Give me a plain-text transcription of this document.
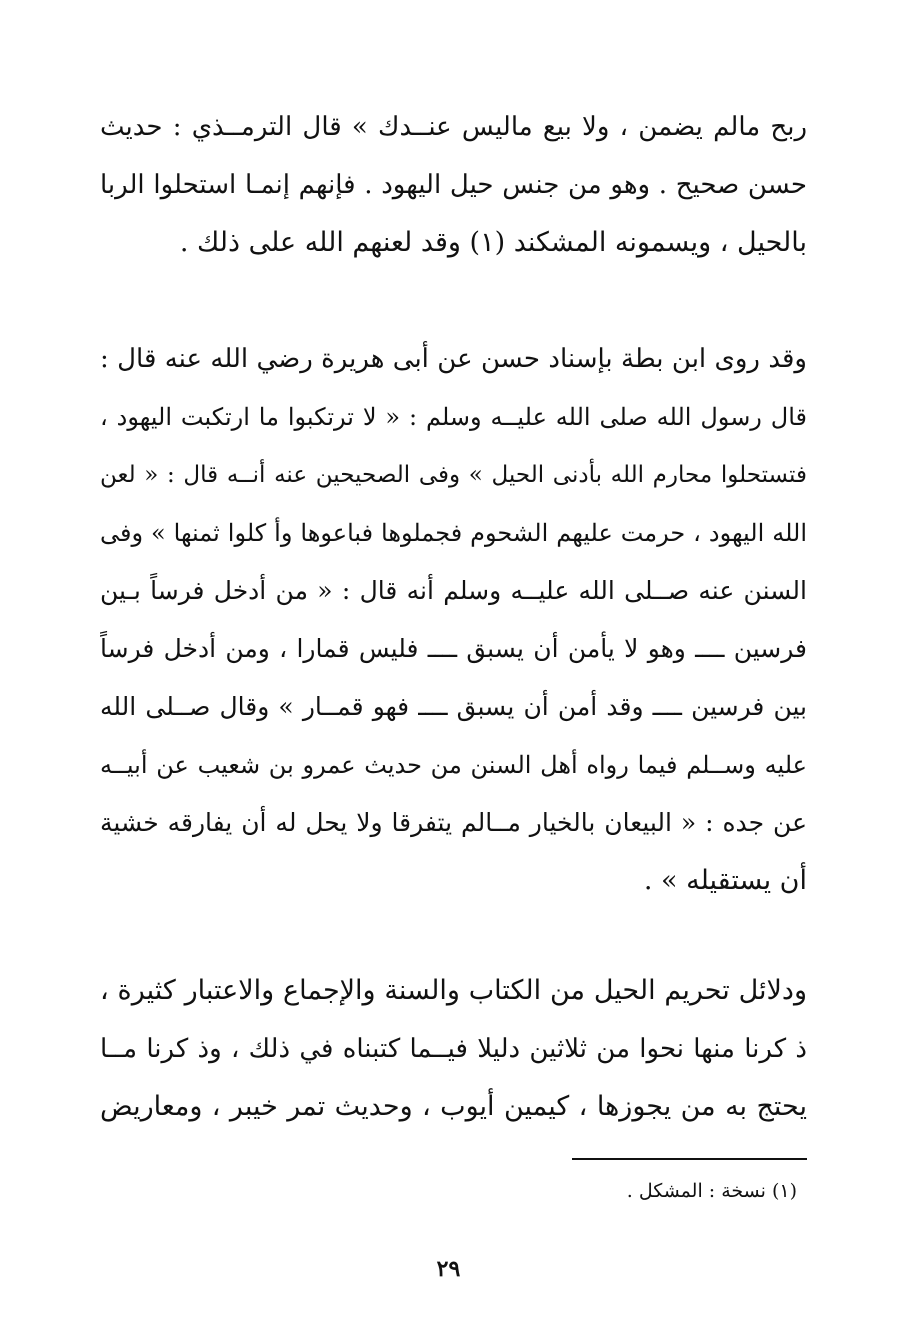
ربح مالم يضمن ، ولا بيع ماليس عنــدك » قال الترمــذي : حديث
حسن صحيح . وهو من جنس حيل اليهود . فإنهم إنمـا استحلوا الربا
بالحيل ، ويسمونه المشكند (١) وقد لعنهم الله على ذلك .
وقد روى ابن بطة بإسناد حسن عن أبى هريرة رضي الله عنه قال :
قال رسول الله صلى الله عليــه وسلم : « لا ترتكبوا ما ارتكبت اليهود ،
فتستحلوا محارم الله بأدنى الحيل » وفى الصحيحين عنه أنــه قال : « لعن
الله اليهود ، حرمت عليهم الشحوم فجملوها فباعوها وأ كلوا ثمنها » وفى
السنن عنه صــلى الله عليــه وسلم أنه قال : « من أدخل فرساً بـين
فرسين ــــ وهو لا يأمن أن يسبق ــــ فليس قمارا ، ومن أدخل فرساً
بين فرسين ــــ وقد أمن أن يسبق ــــ فهو قمــار » وقال صــلى الله
عليه وســلم فيما رواه أهل السنن من حديث عمرو بن شعيب عن أبيــه
عن جده : « البيعان بالخيار مــالم يتفرقا ولا يحل له أن يفارقه خشية
أن يستقيله » .
ودلائل تحريم الحيل من الكتاب والسنة والإجماع والاعتبار كثيرة ،
ذ كرنا منها نحوا من ثلاثين دليلا فيــما كتبناه في ذلك ، وذ كرنا مــا
يحتج به من يجوزها ، كيمين أيوب ، وحديث تمر خيبر ، ومعاريض
(١) نسخة : المشكل .
٢٩
